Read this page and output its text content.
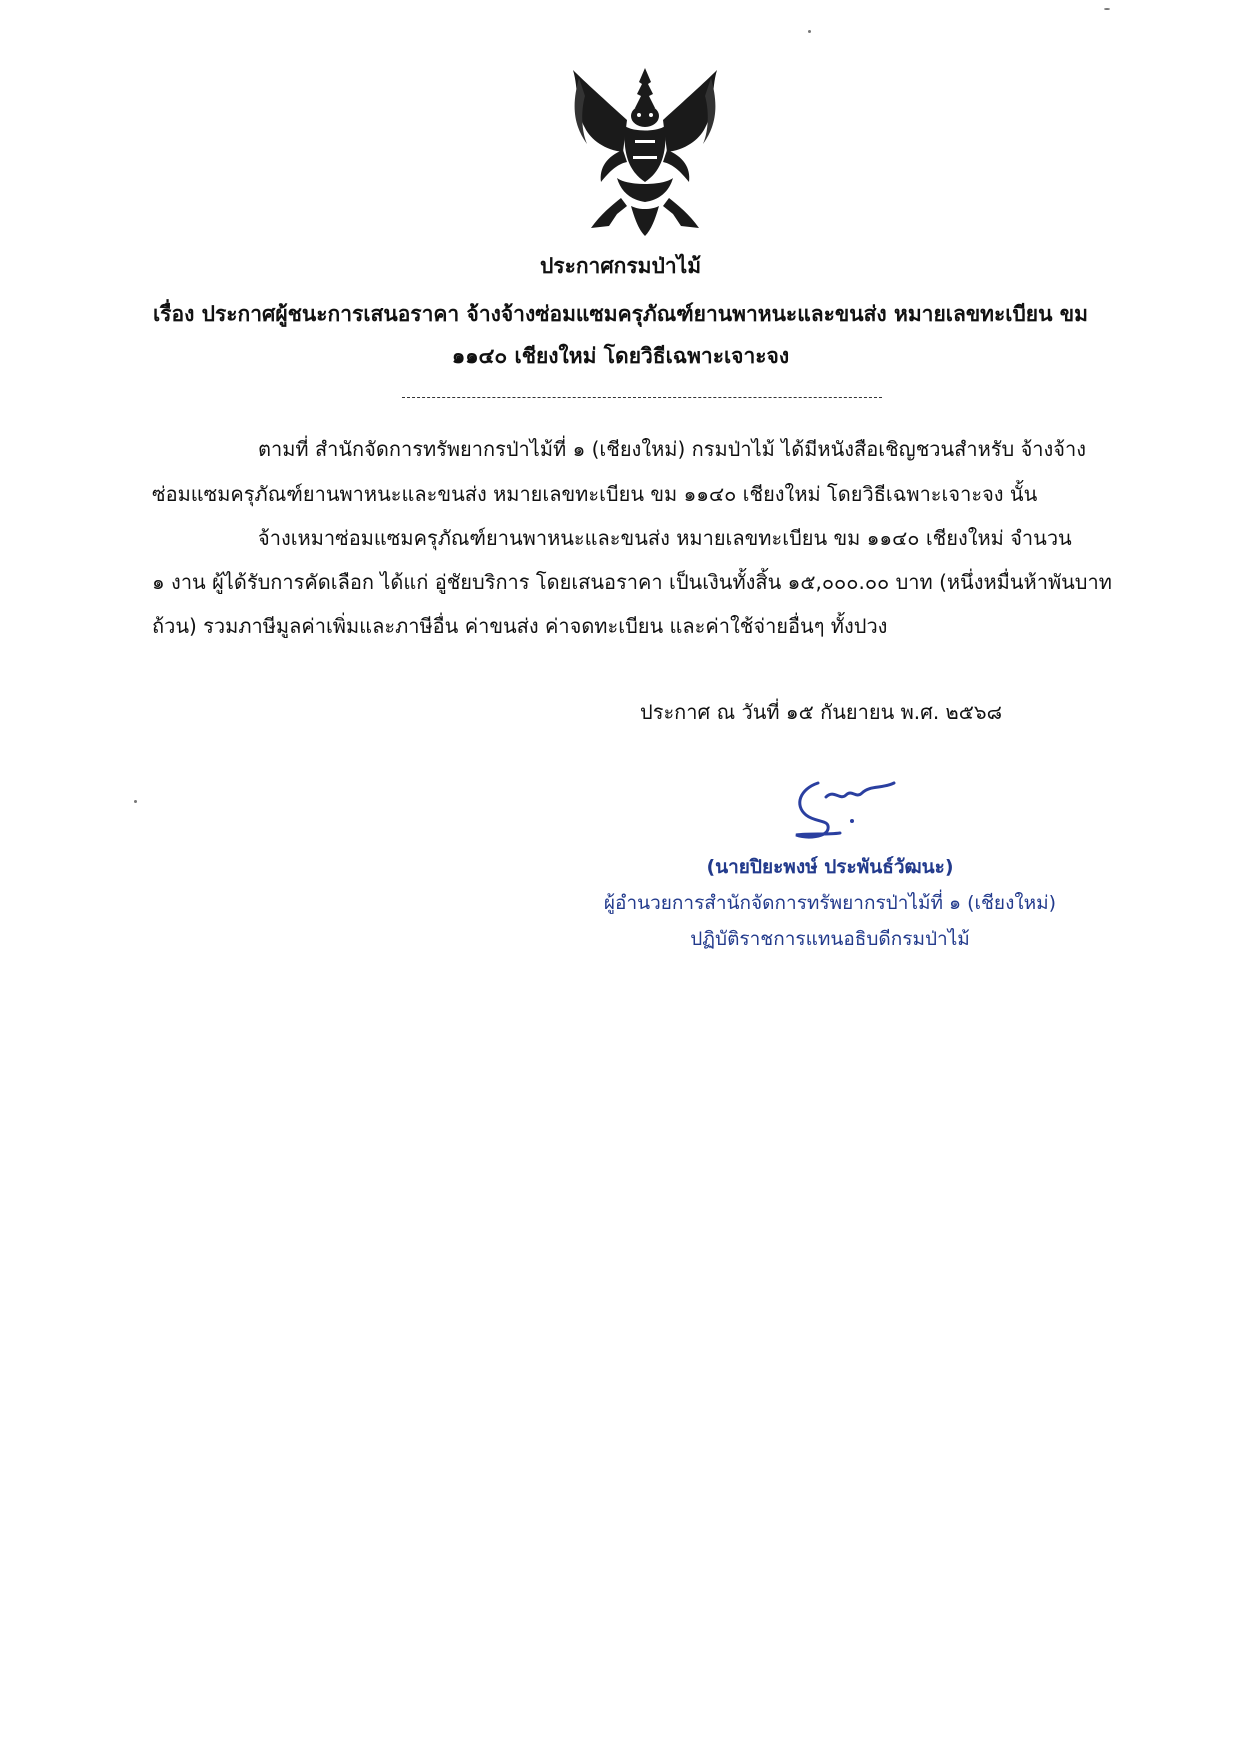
ประกาศกรมป่าไม้
เรื่อง ประกาศผู้ชนะการเสนอราคา จ้างจ้างซ่อมแซมครุภัณฑ์ยานพาหนะและขนส่ง หมายเลขทะเบียน ขม
๑๑๔๐ เชียงใหม่ โดยวิธีเฉพาะเจาะจง
ตามที่ สำนักจัดการทรัพยากรป่าไม้ที่ ๑ (เชียงใหม่) กรมป่าไม้ ได้มีหนังสือเชิญชวนสำหรับ จ้างจ้าง
ซ่อมแซมครุภัณฑ์ยานพาหนะและขนส่ง หมายเลขทะเบียน ขม ๑๑๔๐ เชียงใหม่ โดยวิธีเฉพาะเจาะจง นั้น
จ้างเหมาซ่อมแซมครุภัณฑ์ยานพาหนะและขนส่ง หมายเลขทะเบียน ขม ๑๑๔๐ เชียงใหม่ จำนวน
๑ งาน ผู้ได้รับการคัดเลือก ได้แก่ อู่ชัยบริการ โดยเสนอราคา เป็นเงินทั้งสิ้น ๑๕,๐๐๐.๐๐ บาท (หนึ่งหมื่นห้าพันบาท
ถ้วน) รวมภาษีมูลค่าเพิ่มและภาษีอื่น ค่าขนส่ง ค่าจดทะเบียน และค่าใช้จ่ายอื่นๆ ทั้งปวง
ประกาศ ณ วันที่ ๑๕ กันยายน พ.ศ. ๒๕๖๘
(นายปิยะพงษ์ ประพันธ์วัฒนะ)
ผู้อำนวยการสำนักจัดการทรัพยากรป่าไม้ที่ ๑ (เชียงใหม่)
ปฏิบัติราชการแทนอธิบดีกรมป่าไม้
